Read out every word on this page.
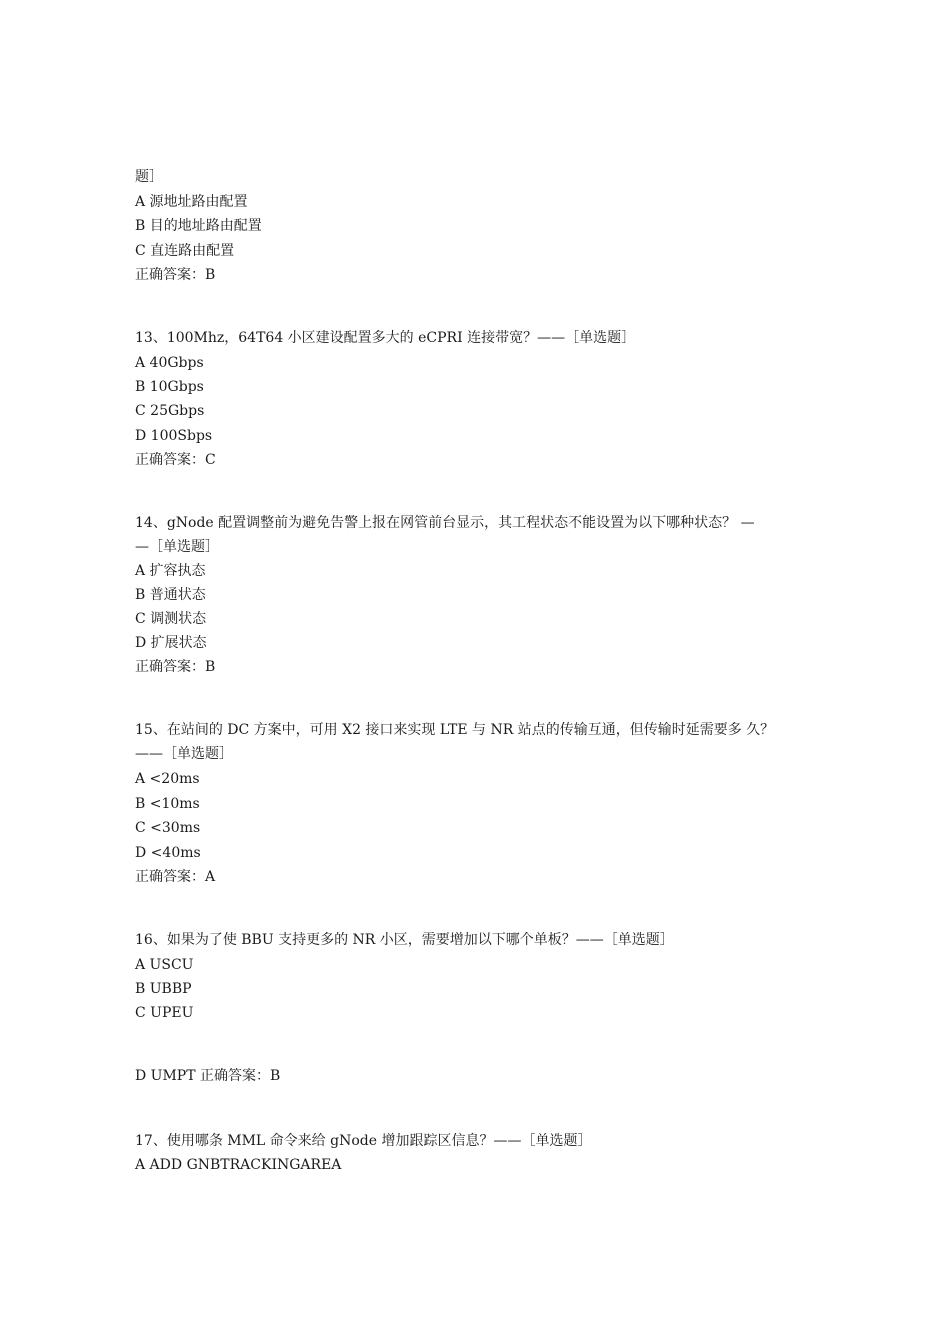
题］
A 源地址路由配置
B 目的地址路由配置
C 直连路由配置
正确答案：B
13、100Mhz，64T64 小区建设配置多大的 eCPRI 连接带宽？——［单选题］
A 40Gbps
B 10Gbps
C 25Gbps
D 100Sbps
正确答案：C
14、gNode 配置调整前为避免告警上报在网管前台显示，其工程状态不能设置为以下哪种状态？ —
—［单选题］
A 扩容执态
B 普通状态
C 调测状态
D 扩展状态
正确答案：B
15、在站间的 DC 方案中，可用 X2 接口来实现 LTE 与 NR 站点的传输互通，但传输时延需要多 久？
——［单选题］
A <20ms
B <10ms
C <30ms
D <40ms
正确答案：A
16、如果为了使 BBU 支持更多的 NR 小区，需要增加以下哪个单板？——［单选题］
A USCU
B UBBP
C UPEU
D UMPT 正确答案：B
17、使用哪条 MML 命令来给 gNode 增加跟踪区信息？——［单选题］
A ADD GNBTRACKINGAREA
